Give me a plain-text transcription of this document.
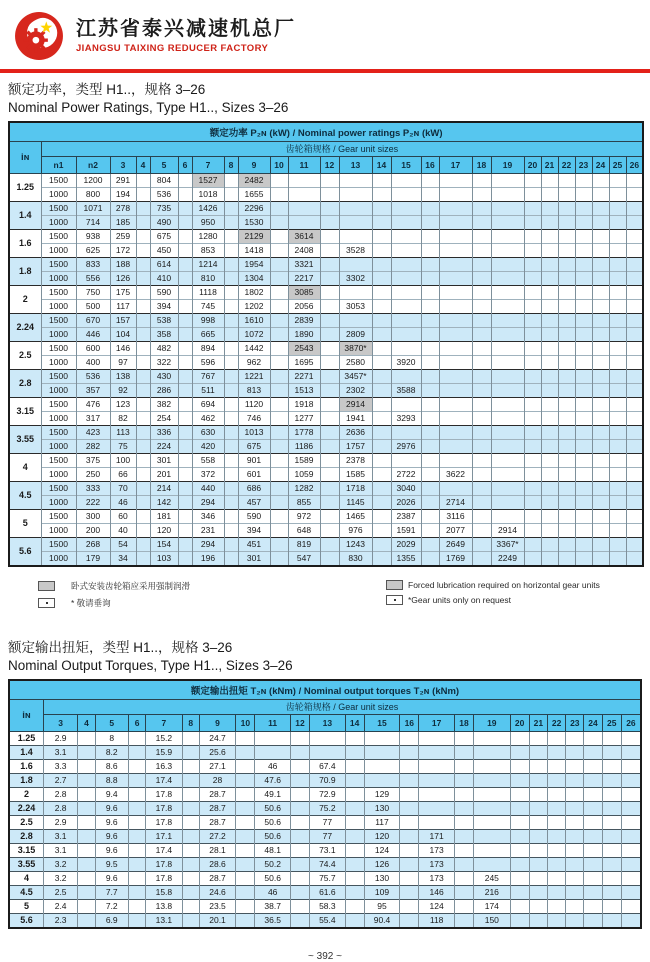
江苏省泰兴减速机总厂
JIANGSU TAIXING REDUCER FACTORY
额定功率，类型 H1..，规格 3–26
Nominal Power Ratings, Type H1.., Sizes 3–26
额定功率 P₂ɴ (kW) / Nominal power ratings P₂ɴ (kW)																										
iɴ	齿轮箱规格 / Gear unit sizes																									
	n1	n2	3	4	5	6	7	8	9	10	11	12	13	14	15	16	17	18	19	20	21	22	23	24	25	26
1.25	1500	1200	291		804		1527		2482																	
	1000	800	194		536		1018		1655																	
1.4	1500	1071	278		735		1426		2296																	
	1000	714	185		490		950		1530																	
1.6	1500	938	259		675		1280		2129		3614															
	1000	625	172		450		853		1418		2408		3528													
1.8	1500	833	188		614		1214		1954		3321															
	1000	556	126		410		810		1304		2217		3302													
2	1500	750	175		590		1118		1802		3085															
	1000	500	117		394		745		1202		2056		3053													
2.24	1500	670	157		538		998		1610		2839															
	1000	446	104		358		665		1072		1890		2809													
2.5	1500	600	146		482		894		1442		2543		3870*													
	1000	400	97		322		596		962		1695		2580		3920											
2.8	1500	536	138		430		767		1221		2271		3457*													
	1000	357	92		286		511		813		1513		2302		3588											
3.15	1500	476	123		382		694		1120		1918		2914													
	1000	317	82		254		462		746		1277		1941		3293											
3.55	1500	423	113		336		630		1013		1778		2636													
	1000	282	75		224		420		675		1186		1757		2976											
4	1500	375	100		301		558		901		1589		2378													
	1000	250	66		201		372		601		1059		1585		2722		3622									
4.5	1500	333	70		214		440		686		1282		1718		3040											
	1000	222	46		142		294		457		855		1145		2026		2714									
5	1500	300	60		181		346		590		972		1465		2387		3116									
	1000	200	40		120		231		394		648		976		1591		2077		2914							
5.6	1500	268	54		154		294		451		819		1243		2029		2649		3367*							
	1000	179	34		103		196		301		547		830		1355		1769		2249							
卧式安装齿轮箱应采用强制润滑
* 敬请垂询
Forced lubrication required on horizontal gear units
*Gear units only on request
额定输出扭矩，类型 H1..，规格 3–26
Nominal Output Torques, Type H1.., Sizes 3–26
额定输出扭矩 T₂ɴ (kNm) / Nominal output torques T₂ɴ (kNm)																								
iɴ	齿轮箱规格 / Gear unit sizes																							
	3	4	5	6	7	8	9	10	11	12	13	14	15	16	17	18	19	20	21	22	23	24	25	26
1.25	2.9		8		15.2		24.7																	
1.4	3.1		8.2		15.9		25.6																	
1.6	3.3		8.6		16.3		27.1		46		67.4													
1.8	2.7		8.8		17.4		28		47.6		70.9													
2	2.8		9.4		17.8		28.7		49.1		72.9		129											
2.24	2.8		9.6		17.8		28.7		50.6		75.2		130											
2.5	2.9		9.6		17.8		28.7		50.6		77		117											
2.8	3.1		9.6		17.1		27.2		50.6		77		120		171									
3.15	3.1		9.6		17.4		28.1		48.1		73.1		124		173									
3.55	3.2		9.5		17.8		28.6		50.2		74.4		126		173									
4	3.2		9.6		17.8		28.7		50.6		75.7		130		173		245							
4.5	2.5		7.7		15.8		24.6		46		61.6		109		146		216							
5	2.4		7.2		13.8		23.5		38.7		58.3		95		124		174							
5.6	2.3		6.9		13.1		20.1		36.5		55.4		90.4		118		150							
~ 392 ~
